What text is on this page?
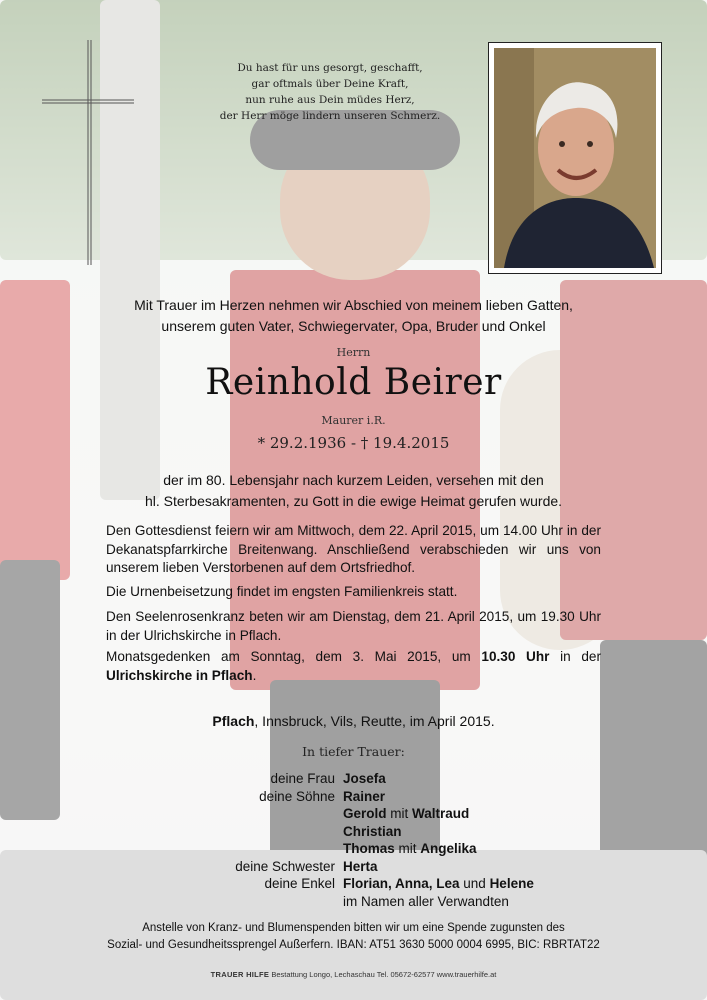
Du hast für uns gesorgt, geschafft,
gar oftmals über Deine Kraft,
nun ruhe aus Dein müdes Herz,
der Herr möge lindern unseren Schmerz.
Mit Trauer im Herzen nehmen wir Abschied von meinem lieben Gatten,
unserem guten Vater, Schwiegervater, Opa, Bruder und Onkel
Herrn
Reinhold Beirer
Maurer i.R.
* 29.2.1936 - † 19.4.2015
der im 80. Lebensjahr nach kurzem Leiden, versehen mit den
hl. Sterbesakramenten, zu Gott in die ewige Heimat gerufen wurde.
Den Gottesdienst feiern wir am Mittwoch, dem 22. April 2015, um 14.00 Uhr in der Dekanatspfarrkirche Breitenwang. Anschließend verabschieden wir uns von unserem lieben Verstorbenen auf dem Ortsfriedhof.
Die Urnenbeisetzung findet im engsten Familienkreis statt.
Den Seelenrosenkranz beten wir am Dienstag, dem 21. April 2015, um 19.30 Uhr in der Ulrichskirche in Pflach.
Monatsgedenken am Sonntag, dem 3. Mai 2015, um 10.30 Uhr in der Ulrichskirche in Pflach.
Pflach, Innsbruck, Vils, Reutte, im April 2015.
In tiefer Trauer:
deine Frau Josefa
deine Söhne Rainer
Gerold mit Waltraud
Christian
Thomas mit Angelika
deine Schwester Herta
deine Enkel Florian, Anna, Lea und Helene
im Namen aller Verwandten
Anstelle von Kranz- und Blumenspenden bitten wir um eine Spende zugunsten des
Sozial- und Gesundheitssprengel Außerfern. IBAN: AT51 3630 5000 0004 6995, BIC: RBRTAT22
TRAUER HILFE Bestattung Longo, Lechaschau Tel. 05672-62577 www.trauerhilfe.at
